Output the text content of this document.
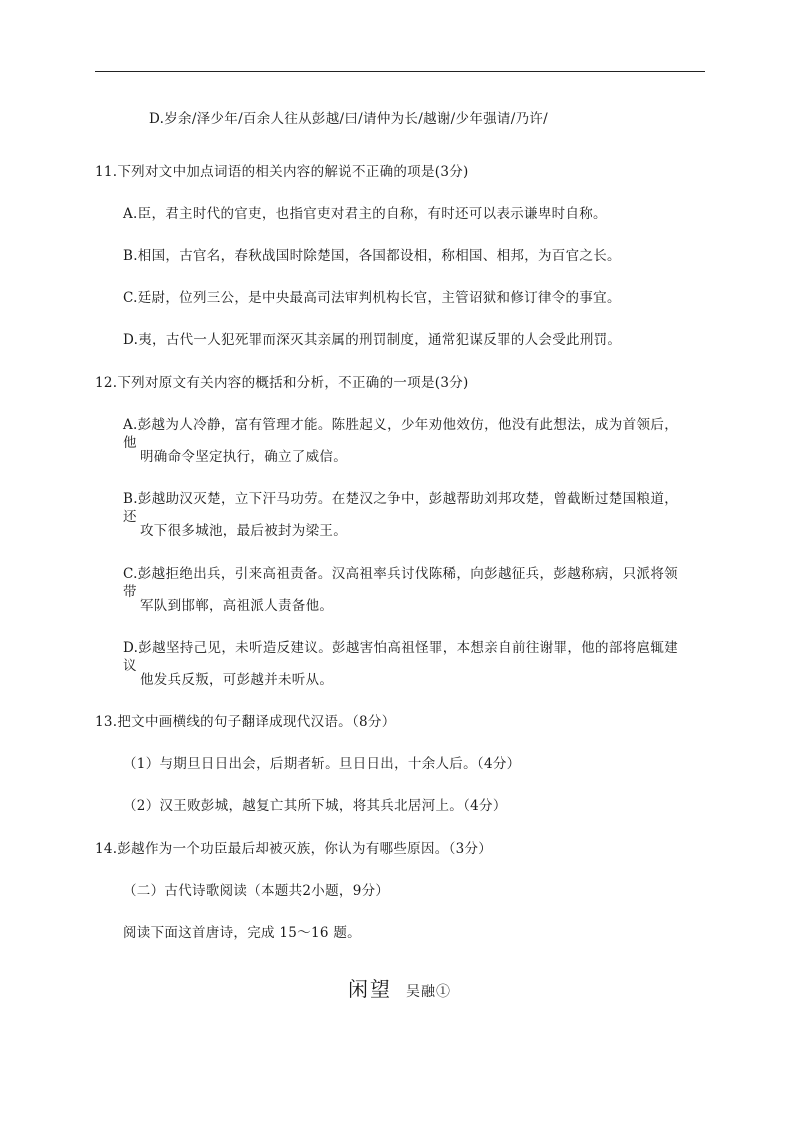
D.岁余/泽少年/百余人往从彭越/曰/请仲为长/越谢/少年强请/乃许/
11.下列对文中加点词语的相关内容的解说不正确的项是(3分)
A.臣，君主时代的官吏，也指官吏对君主的自称，有时还可以表示谦卑时自称。
B.相国，古官名，春秋战国时除楚国，各国都设相，称相国、相邦，为百官之长。
C.廷尉，位列三公，是中央最高司法审判机构长官，主管诏狱和修订律令的事宜。
D.夷，古代一人犯死罪而深灭其亲属的刑罚制度，通常犯谋反罪的人会受此刑罚。
12.下列对原文有关内容的概括和分析，不正确的一项是(3分)
A.彭越为人冷静，富有管理才能。陈胜起义，少年劝他效仿，他没有此想法，成为首领后，他
明确命令坚定执行，确立了威信。
B.彭越助汉灭楚，立下汗马功劳。在楚汉之争中，彭越帮助刘邦攻楚，曾截断过楚国粮道，还
攻下很多城池，最后被封为梁王。
C.彭越拒绝出兵，引来高祖责备。汉高祖率兵讨伐陈稀，向彭越征兵，彭越称病，只派将领带
军队到邯郸，高祖派人责备他。
D.彭越坚持己见，未听造反建议。彭越害怕高祖怪罪，本想亲自前往谢罪，他的部将扈辄建议
他发兵反叛，可彭越并未听从。
13.把文中画横线的句子翻译成现代汉语。（8分）
（1）与期旦日日出会，后期者斩。旦日日出，十余人后。（4分）
（2）汉王败彭城，越复亡其所下城，将其兵北居河上。（4分）
14.彭越作为一个功臣最后却被灭族，你认为有哪些原因。（3分）
（二）古代诗歌阅读（本题共2小题，9分）
阅读下面这首唐诗，完成 15～16 题。
闲望 吴融①
